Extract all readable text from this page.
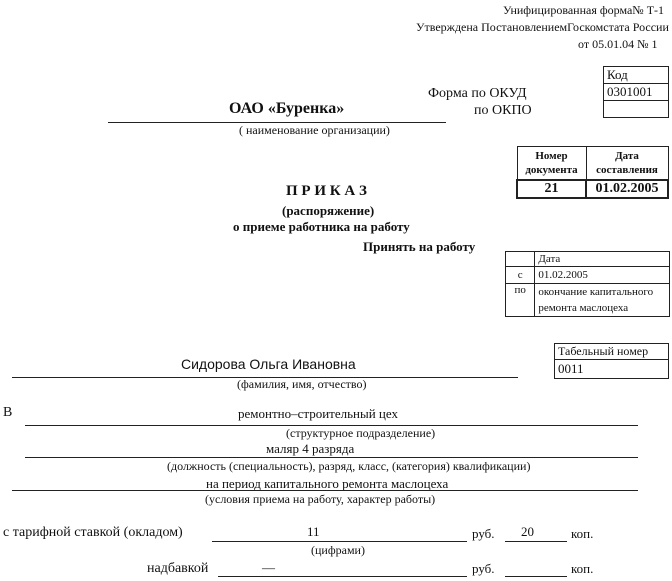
Унифицированная форма№ Т-1
Утверждена ПостановлениемГоскомстата России
от 05.01.04 № 1
Код
0301001

Форма по ОКУД
по ОКПО
ОАО «Буренка»
( наименование организации)
Номер документа	Дата составления
21	01.02.2005
П Р И К А З
(распоряжение)
о приеме работника на работу
Принять на работу
	Дата
с	01.02.2005
по	окончание капитального ремонта маслоцеха
Табельный номер
0011
Сидорова Ольга Ивановна
(фамилия, имя, отчество)
В	ремонтно–строительный цех
(структурное подразделение)
маляр 4 разряда
(должность (специальность), разряд, класс, (категория) квалификации)
на период капитального ремонта маслоцеха
(условия приема на работу, характер работы)
с тарифной ставкой (окладом)	11	руб. 20	коп.
(цифрами)
надбавкой	—	руб.	коп.
